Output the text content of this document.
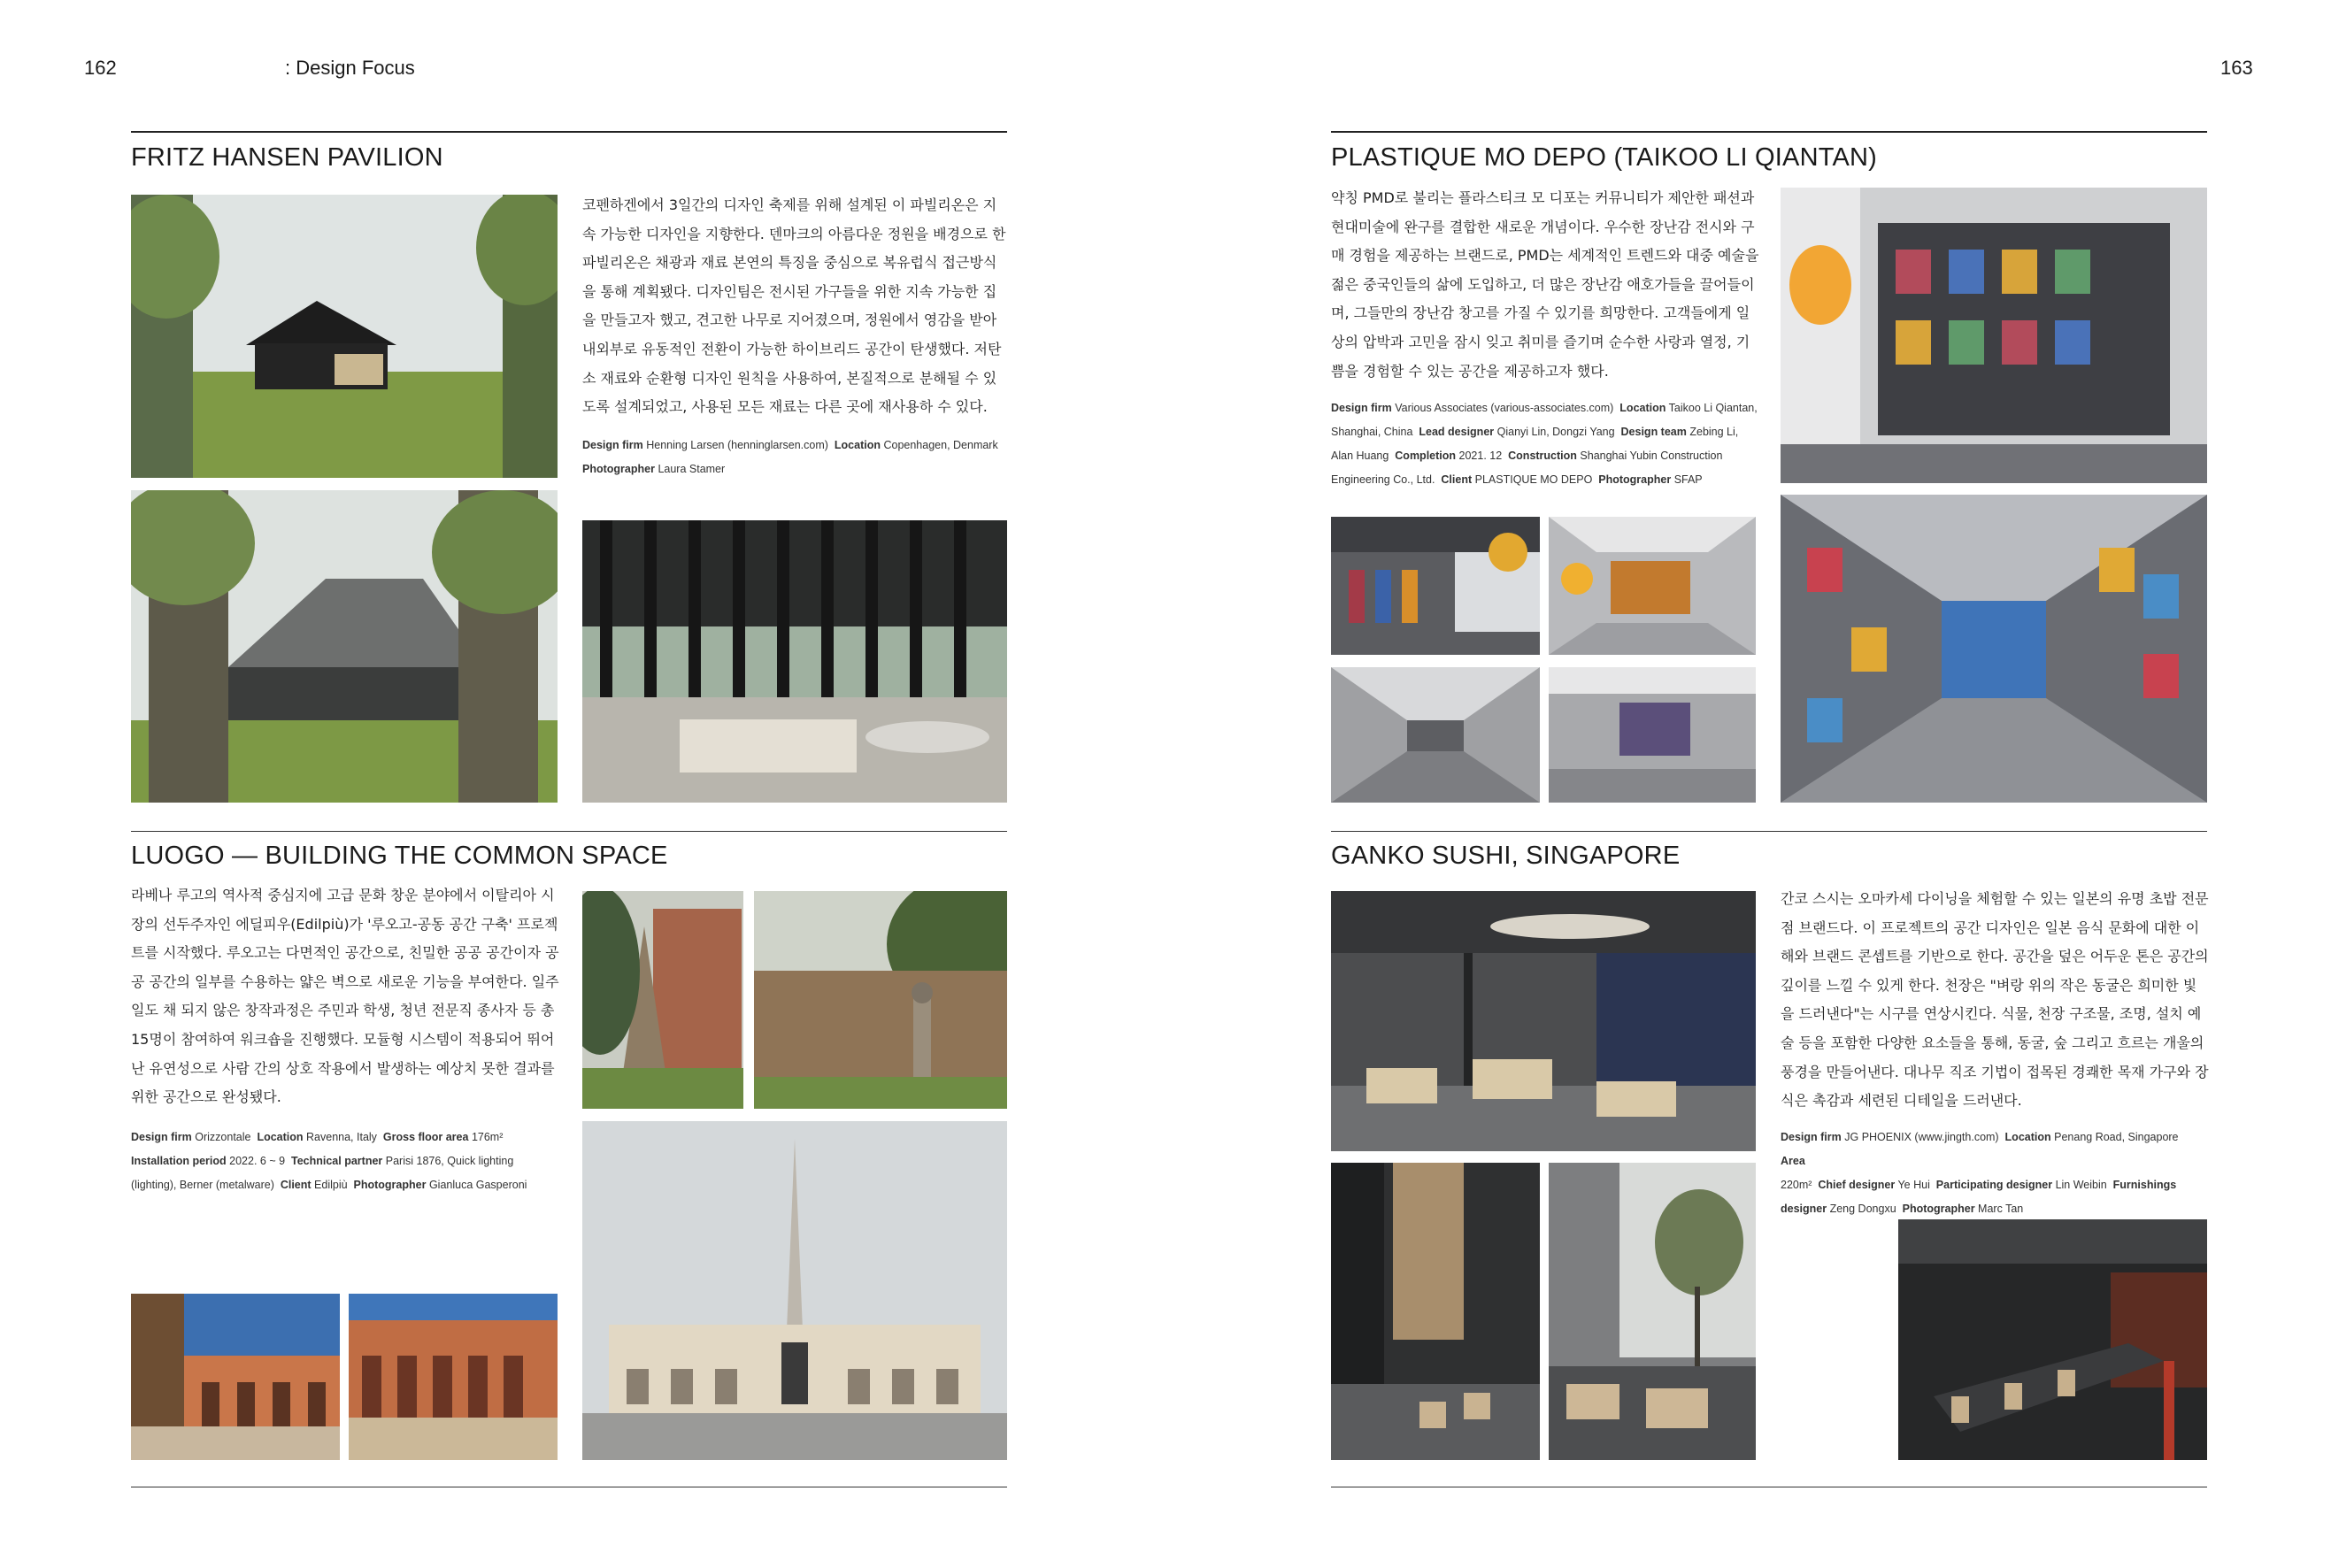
162	: Design Focus	163
FRITZ HANSEN PAVILION
코펜하겐에서 3일간의 디자인 축제를 위해 설계된 이 파빌리온은 지속 가능한 디자인을 지향한다. 덴마크의 아름다운 정원을 배경으로 한 파빌리온은 채광과 재료 본연의 특징을 중심으로 복유럽식 접근방식을 통해 계획됐다. 디자인팀은 전시된 가구들을 위한 지속 가능한 집을 만들고자 했고, 견고한 나무로 지어졌으며, 정원에서 영감을 받아 내외부로 유동적인 전환이 가능한 하이브리드 공간이 탄생했다. 저탄소 재료와 순환형 디자인 원칙을 사용하여, 본질적으로 분해될 수 있도록 설계되었고, 사용된 모든 재료는 다른 곳에 재사용하 수 있다.
Design firm Henning Larsen (henninglarsen.com) Location Copenhagen, Denmark
Photographer Laura Stamer
PLASTIQUE MO DEPO (TAIKOO LI QIANTAN)
약칭 PMD로 불리는 플라스티크 모 디포는 커뮤니티가 제안한 패션과 현대미술에 완구를 결합한 새로운 개념이다. 우수한 장난감 전시와 구매 경험을 제공하는 브랜드로, PMD는 세계적인 트렌드와 대중 예술을 젊은 중국인들의 삶에 도입하고, 더 많은 장난감 애호가들을 끌어들이며, 그들만의 장난감 창고를 가질 수 있기를 희망한다. 고객들에게 일상의 압박과 고민을 잠시 잊고 취미를 즐기며 순수한 사랑과 열정, 기쁨을 경험할 수 있는 공간을 제공하고자 했다.
Design firm Various Associates (various-associates.com) Location Taikoo Li Qiantan, Shanghai, China Lead designer Qianyi Lin, Dongzi Yang Design team Zebing Li, Alan Huang Completion 2021. 12 Construction Shanghai Yubin Construction Engineering Co., Ltd. Client PLASTIQUE MO DEPO Photographer SFAP
LUOGO — BUILDING THE COMMON SPACE
라베나 루고의 역사적 중심지에 고급 문화 창운 분야에서 이탈리아 시장의 선두주자인 에딜피우(Edilpiù)가 '루오고-공동 공간 구축' 프로젝트를 시작했다. 루오고는 다면적인 공간으로, 친밀한 공공 공간이자 공공 공간의 일부를 수용하는 얇은 벽으로 새로운 기능을 부여한다. 일주일도 채 되지 않은 창작과정은 주민과 학생, 청년 전문직 종사자 등 총 15명이 참여하여 워크숍을 진행했다. 모듈형 시스템이 적용되어 뛰어난 유연성으로 사람 간의 상호 작용에서 발생하는 예상치 못한 결과를 위한 공간으로 완성됐다.
Design firm Orizzontale Location Ravenna, Italy Gross floor area 176m²
Installation period 2022. 6 ~ 9 Technical partner Parisi 1876, Quick lighting (lighting), Berner (metalware) Client Edilpiù Photographer Gianluca Gasperoni
GANKO SUSHI, SINGAPORE
간코 스시는 오마카세 다이닝을 체험할 수 있는 일본의 유명 초밥 전문점 브랜드다. 이 프로젝트의 공간 디자인은 일본 음식 문화에 대한 이해와 브랜드 콘셉트를 기반으로 한다. 공간을 덮은 어두운 톤은 공간의 깊이를 느낄 수 있게 한다. 천장은 "벼랑 위의 작은 동굴은 희미한 빛을 드러낸다"는 시구를 연상시킨다. 식물, 천장 구조물, 조명, 설치 예술 등을 포함한 다양한 요소들을 통해, 동굴, 숲 그리고 흐르는 개울의 풍경을 만들어낸다. 대나무 직조 기법이 접목된 경쾌한 목재 가구와 장식은 촉감과 세련된 디테일을 드러낸다.
Design firm JG PHOENIX (www.jingth.com) Location Penang Road, Singapore  Area
220m² Chief designer Ye Hui Participating designer Lin Weibin Furnishings designer Zeng Dongxu Photographer Marc Tan
